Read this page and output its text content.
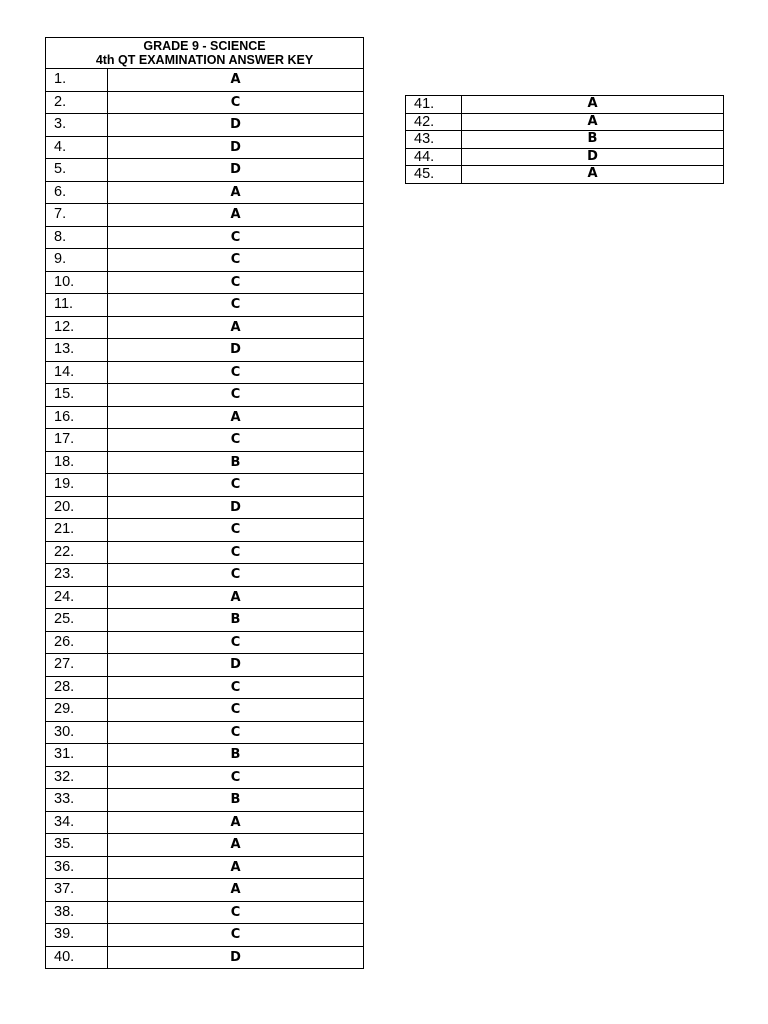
GRADE 9 - SCIENCE
4th QT EXAMINATION ANSWER KEY	

1.	A
2.	C
3.	D
4.	D
5.	D
6.	A
7.	A
8.	C
9.	C
10.	C
11.	C
12.	A
13.	D
14.	C
15.	C
16.	A
17.	C
18.	B
19.	C
20.	D
21.	C
22.	C
23.	C
24.	A
25.	B
26.	C
27.	D
28.	C
29.	C
30.	C
31.	B
32.	C
33.	B
34.	A
35.	A
36.	A
37.	A
38.	C
39.	C
40.	D
41.	A
42.	A
43.	B
44.	D
45.	A
